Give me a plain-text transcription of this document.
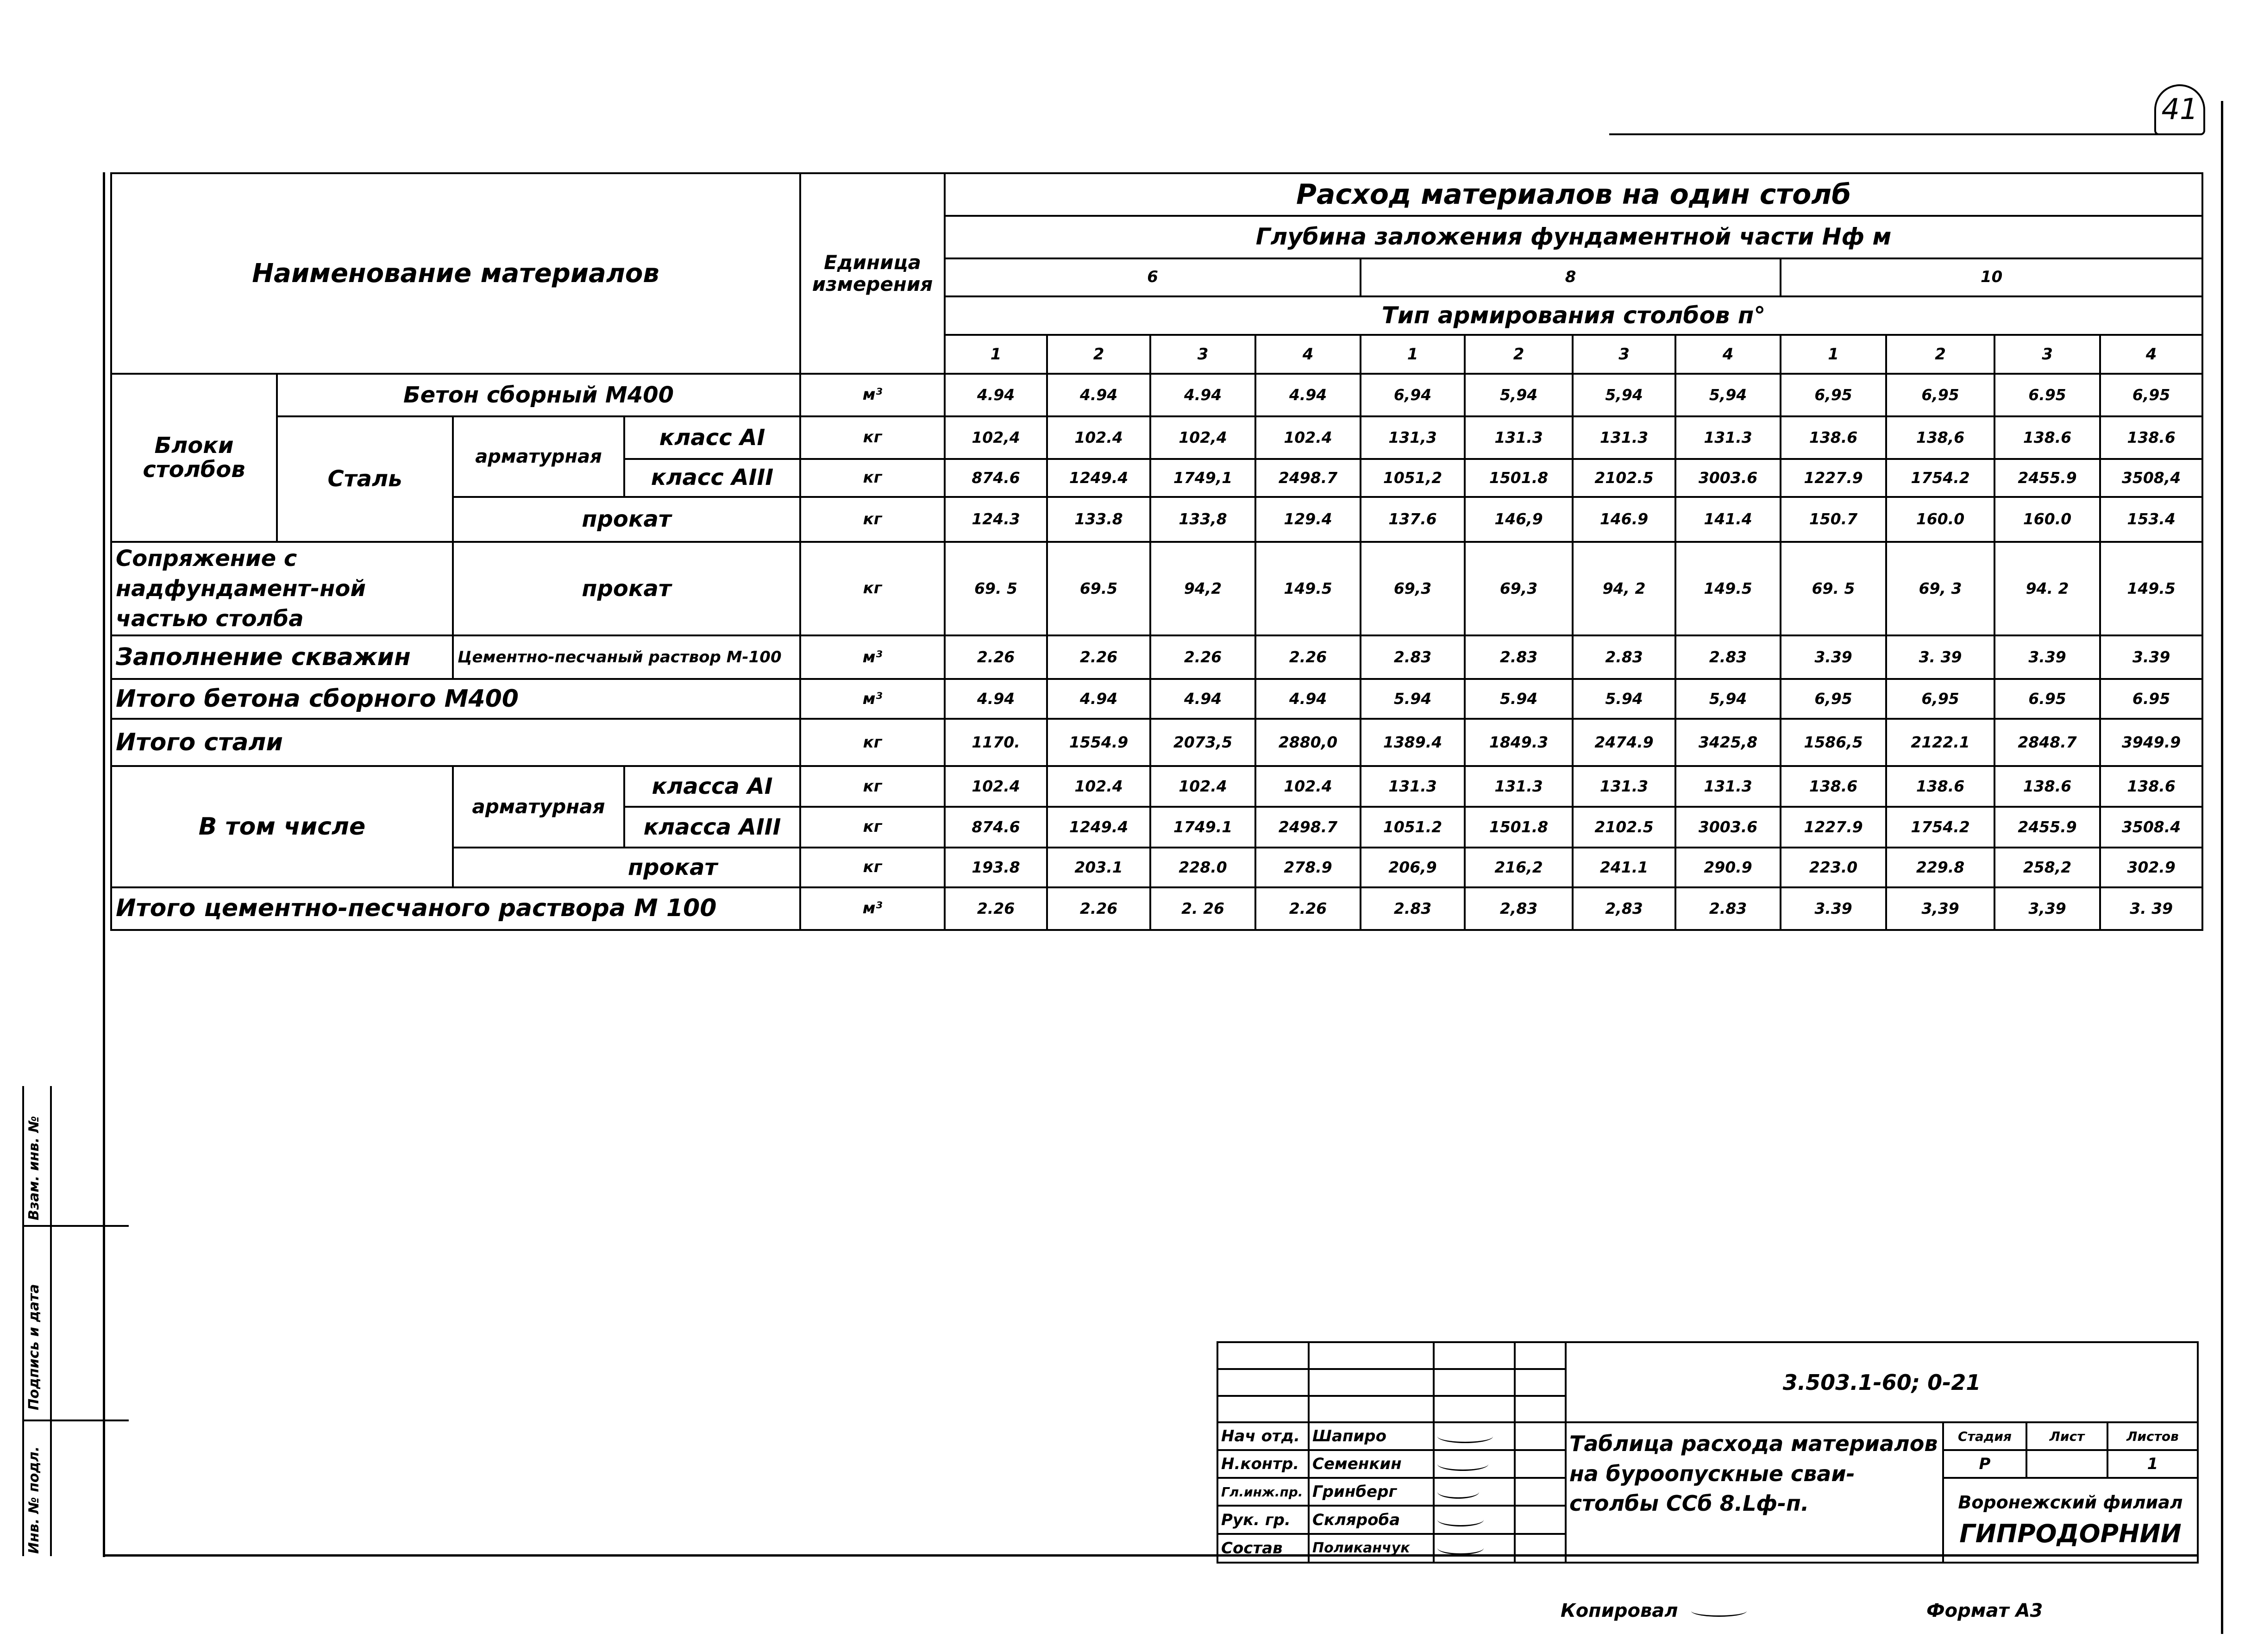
41
Наименование материалов				Единица измерения	Расход материалов на один столб											
					Глубина заложения фундаментной части Hф м											
					6				8				10			
					Тип армирования столбов п°											
					1	2	3	4	1	2	3	4	1	2	3	4
Блоки столбов	Бетон сборный М400			м³	4.94	4.94	4.94	4.94	6,94	5,94	5,94	5,94	6,95	6,95	6.95	6,95
	Сталь	арматурная	класс АI	кг	102,4	102.4	102,4	102.4	131,3	131.3	131.3	131.3	138.6	138,6	138.6	138.6
			класс АIII	кг	874.6	1249.4	1749,1	2498.7	1051,2	1501.8	2102.5	3003.6	1227.9	1754.2	2455.9	3508,4
		прокат		кг	124.3	133.8	133,8	129.4	137.6	146,9	146.9	141.4	150.7	160.0	160.0	153.4
Сопряжение с надфундамент-ной частью столба		прокат		кг	69. 5	69.5	94,2	149.5	69,3	69,3	94, 2	149.5	69. 5	69, 3	94. 2	149.5
Заполнение скважин		Цементно-песчаный раствор М-100		м³	2.26	2.26	2.26	2.26	2.83	2.83	2.83	2.83	3.39	3. 39	3.39	3.39
Итого бетона сборного М400				м³	4.94	4.94	4.94	4.94	5.94	5.94	5.94	5,94	6,95	6,95	6.95	6.95
Итого стали				кг	1170.	1554.9	2073,5	2880,0	1389.4	1849.3	2474.9	3425,8	1586,5	2122.1	2848.7	3949.9
В том числе		арматурная	класса АI	кг	102.4	102.4	102.4	102.4	131.3	131.3	131.3	131.3	138.6	138.6	138.6	138.6
			класса АIII	кг	874.6	1249.4	1749.1	2498.7	1051.2	1501.8	2102.5	3003.6	1227.9	1754.2	2455.9	3508.4
			прокат	кг	193.8	203.1	228.0	278.9	206,9	216,2	241.1	290.9	223.0	229.8	258,2	302.9
Итого цементно-песчаного раствора М 100				м³	2.26	2.26	2. 26	2.26	2.83	2,83	2,83	2.83	3.39	3,39	3,39	3. 39
				3.503.1-60; 0-21			

Нач отд.	Шапиро			Таблица расхода материалов на буроопускные сваи-столбы ССб 8.Lф-п.	Стадия	Лист	Листов
Н.контр.	Семенкин				Р		1
Гл.инж.пр.	Гринберг				Воронежский филиал
ГИПРОДОРНИИ		

Рук. гр.	Скляроба					

Состав	Поликанчук					

Инв. № подл.
Подпись и дата
Взам. инв. №
Копировал	Формат А3
